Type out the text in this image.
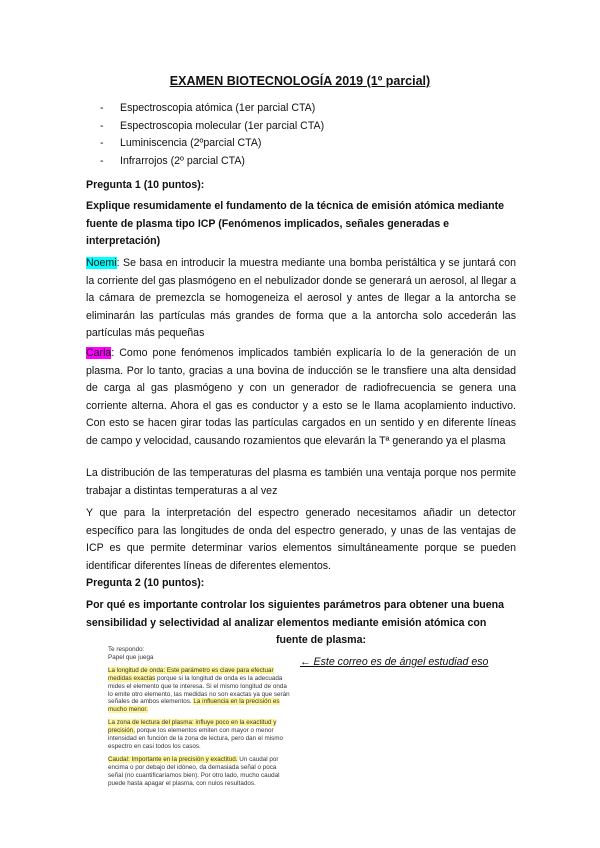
EXAMEN BIOTECNOLOGÍA 2019 (1º parcial)
- Espectroscopia atómica (1er parcial CTA)
- Espectroscopia molecular (1er parcial CTA)
- Luminiscencia (2ºparcial CTA)
- Infrarrojos (2º parcial CTA)
Pregunta 1 (10 puntos):
Explique resumidamente el fundamento de la técnica de emisión atómica mediante fuente de plasma tipo ICP (Fenómenos implicados, señales generadas e interpretación)
Noemi: Se basa en introducir la muestra mediante una bomba peristáltica y se juntará con la corriente del gas plasmógeno en el nebulizador donde se generará un aerosol, al llegar a la cámara de premezcla se homogeneiza el aerosol y antes de llegar a la antorcha se eliminarán las partículas más grandes de forma que a la antorcha solo accederán las partículas más pequeñas
Carla: Como pone fenómenos implicados también explicaría lo de la generación de un plasma. Por lo tanto, gracias a una bovina de inducción se le transfiere una alta densidad de carga al gas plasmógeno y con un generador de radiofrecuencia se genera una corriente alterna. Ahora el gas es conductor y a esto se le llama acoplamiento inductivo. Con esto se hacen girar todas las partículas cargados en un sentido y en diferente líneas de campo y velocidad, causando rozamientos que elevarán la Tª generando ya el plasma
La distribución de las temperaturas del plasma es también una ventaja porque nos permite trabajar a distintas temperaturas a al vez
Y que para la interpretación del espectro generado necesitamos añadir un detector específico para las longitudes de onda del espectro generado, y unas de las ventajas de ICP es que permite determinar varios elementos simultáneamente porque se pueden identificar diferentes líneas de diferentes elementos.
Pregunta 2 (10 puntos):
Por qué es importante controlar los siguientes parámetros para obtener una buena sensibilidad y selectividad al analizar elementos mediante emisión atómica con

fuente de plasma:

Te respondo:

Papel que juega

La longitud de onda: Este parámetro es clave para efectuar medidas exactas porque si la longitud de onda es la adecuada mides el elemento que te interesa. Si el mismo longitud de onda lo emite otro elemento, las medidas no son exactas ya que serán señales de ambos elementos. La influencia en la precisión es mucho menor.

La zona de lectura del plasma: influye poco en la exactitud y precisión, porque los elementos emiten con mayor o menor intensidad en función de la zona de lectura, pero dan el mismo espectro en casi todos los casos.

Caudal: Importante en la precisión y exactitud. Un caudal por encima o por debajo del idóneo, da demasiada señal o poca señal (no cuantificaríamos bien). Por otro lado, mucho caudal puede hasta apagar el plasma, con nulos resultados.

← Este correo es de ángel estudiad eso
